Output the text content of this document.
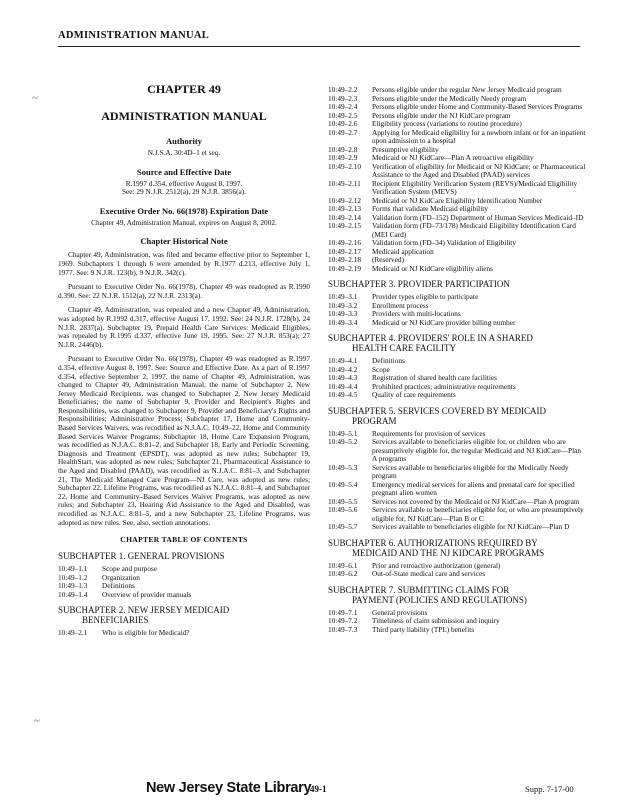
ADMINISTRATION MANUAL
~
~
CHAPTER 49
ADMINISTRATION MANUAL
Authority
N.J.S.A. 30:4D–1 et seq.
Source and Effective Date
R.1997 d.354, effective August 8, 1997.
See: 29 N.J.R. 2512(a), 29 N.J.R. 3856(a).
Executive Order No. 66(1978) Expiration Date
Chapter 49, Administration Manual, expires on August 8, 2002.
Chapter Historical Note

Chapter 49, Administration, was filed and became effective prior to September 1, 1969. Subchapters 1 through 6 were amended by R.1977 d.213, effective July 1, 1977. See: 9 N.J.R. 123(b), 9 N.J.R. 342(c).

Pursuant to Executive Order No. 66(1978), Chapter 49 was readopted as R.1990 d.390. See: 22 N.J.R. 1512(a), 22 N.J.R. 2313(a).

Chapter 49, Administration, was repealed and a new Chapter 49, Administration, was adopted by R.1992 d.317, effective August 17, 1992. See: 24 N.J.R. 1728(b), 24 N.J.R. 2837(a). Subchapter 19, Prepaid Health Care Services: Medicaid Eligibles, was repealed by R.1995 d.337, effective June 19, 1995. See: 27 N.J.R. 853(a); 27 N.J.R. 2446(b).

Pursuant to Executive Order No. 66(1978), Chapter 49 was readopted as R.1997 d.354, effective August 8, 1997. See: Source and Effective Date. As a part of R.1997 d.354, effective September 2, 1997, the name of Chapter 49, Administration, was changed to Chapter 49, Administration Manual, the name of Subchapter 2, New Jersey Medicaid Recipients, was changed to Subchapter 2, New Jersey Medicaid Beneficiaries; the name of Subchapter 9, Provider and Recipient's Rights and Responsibilities, was changed to Subchapter 9, Provider and Beneficiary's Rights and Responsibilities; Administrative Process; Subchapter 17, Home and Community-Based Services Waivers, was recodified as N.J.A.C. 10:49–22, Home and Community Based Services Waiver Programs; Subchapter 18, Home Care Expansion Program, was recodified as N.J.A.C. 8:81–2, and Subchapter 18, Early and Periodic Screening, Diagnosis and Treatment (EPSDT), was adopted as new rules; Subchapter 19, HealthStart, was adopted as new rules; Subchapter 21, Pharmaceutical Assistance to the Aged and Disabled (PAAD), was recodified as N.J.A.C. 8:81–3, and Subchapter 21, The Medicaid Managed Care Program—NJ Care, was adopted as new rules; Subchapter 22, Lifeline Programs, was recodified as N.J.A.C. 8:81–4, and Subchapter 22, Home and Community–Based Services Waiver Programs, was adopted as new rules; and Subchapter 23, Hearing Aid Assistance to the Aged and Disabled, was recodified as N.J.A.C. 8:81–5, and a new Subchapter 23, Lifeline Programs, was adopted as new rules. See, also, section annotations.

CHAPTER TABLE OF CONTENTS
SUBCHAPTER 1. GENERAL PROVISIONS
10:49–1.1	Scope and purpose
10:49–1.2	Organization
10:49–1.3	Definitions
10:49–1.4	Overview of provider manuals
SUBCHAPTER 2. NEW JERSEY MEDICAID
BENEFICIARIES
10:49–2.1	Who is eligible for Medicaid?
10:49–2.2	Persons eligible under the regular New Jersey Medicaid program
10:49–2.3	Persons eligible under the Medically Needy program
10:49–2.4	Persons eligible under Home and Community-Based Services Programs
10:49–2.5	Persons eligible under the NJ KidCare program
10:49–2.6	Eligibility process (variations to routine procedure)
10:49–2.7	Applying for Medicaid eligibility for a newborn infant or for an inpatient upon admission to a hospital
10:49–2.8	Presumptive eligibility
10:49–2.9	Medicaid or NJ KidCare—Plan A retroactive eligibility
10:49–2.10	Verification of eligibility for Medicaid or NJ KidCare; or Pharmaceutical Assistance to the Aged and Disabled (PAAD) services
10:49–2.11	Recipient Eligibility Verification System (REVS)/Medicaid Eligibility Verification System (MEVS)
10:49–2.12	Medicaid or NJ KidCare Eligibility Identification Number
10:49–2.13	Forms that validate Medicaid eligibility
10:49–2.14	Validation form (FD–152) Department of Human Services Medicaid–ID
10:49–2.15	Validation form (FD–73/178) Medicaid Eligibility Identification Card (MEI Card)
10:49–2.16	Validation form (FD–34) Validation of Eligibility
10:49–2.17	Medicaid application
10:49–2.18	(Reserved)
10:49–2.19	Medicaid or NJ KidCare eligibility aliens
SUBCHAPTER 3. PROVIDER PARTICIPATION
10:49–3.1	Provider types eligible to participate
10:49–3.2	Enrollment process
10:49–3.3	Providers with multi-locations
10:49–3.4	Medicaid or NJ KidCare provider billing number
SUBCHAPTER 4. PROVIDERS' ROLE IN A SHARED
HEALTH CARE FACILITY
10:49–4.1	Definitions
10:49–4.2	Scope
10:49–4.3	Registration of shared health care facilities
10:49–4.4	Prohibited practices; administrative requirements
10:49–4.5	Quality of care requirements
SUBCHAPTER 5. SERVICES COVERED BY MEDICAID
PROGRAM
10:49–5.1	Requirements for provision of services
10:49–5.2	Services available to beneficiaries eligible for, or children who are presumptively eligible for, the regular Medicaid and NJ KidCare—Plan A programs
10:49–5.3	Services available to beneficiaries eligible for the Medically Needy program
10:49–5.4	Emergency medical services for aliens and prenatal care for specified pregnant alien women
10:49–5.5	Services not covered by the Medicaid or NJ KidCare—Plan A program
10:49–5.6	Services available to beneficiaries eligible for, or who are presumptively eligible for, NJ KidCare—Plan B or C
10:49–5.7	Services available to beneficiaries eligible for NJ KidCare—Plan D
SUBCHAPTER 6. AUTHORIZATIONS REQUIRED BY
MEDICAID AND THE NJ KIDCARE PROGRAMS
10:49–6.1	Prior and retroactive authorization (general)
10:49–6.2	Out-of-State medical care and services
SUBCHAPTER 7. SUBMITTING CLAIMS FOR
PAYMENT (POLICIES AND REGULATIONS)
10:49–7.1	General provisions
10:49–7.2	Timeliness of claim submission and inquiry
10:49–7.3	Third party liability (TPL) benefits
New Jersey State Library
49-1	Supp. 7-17-00
